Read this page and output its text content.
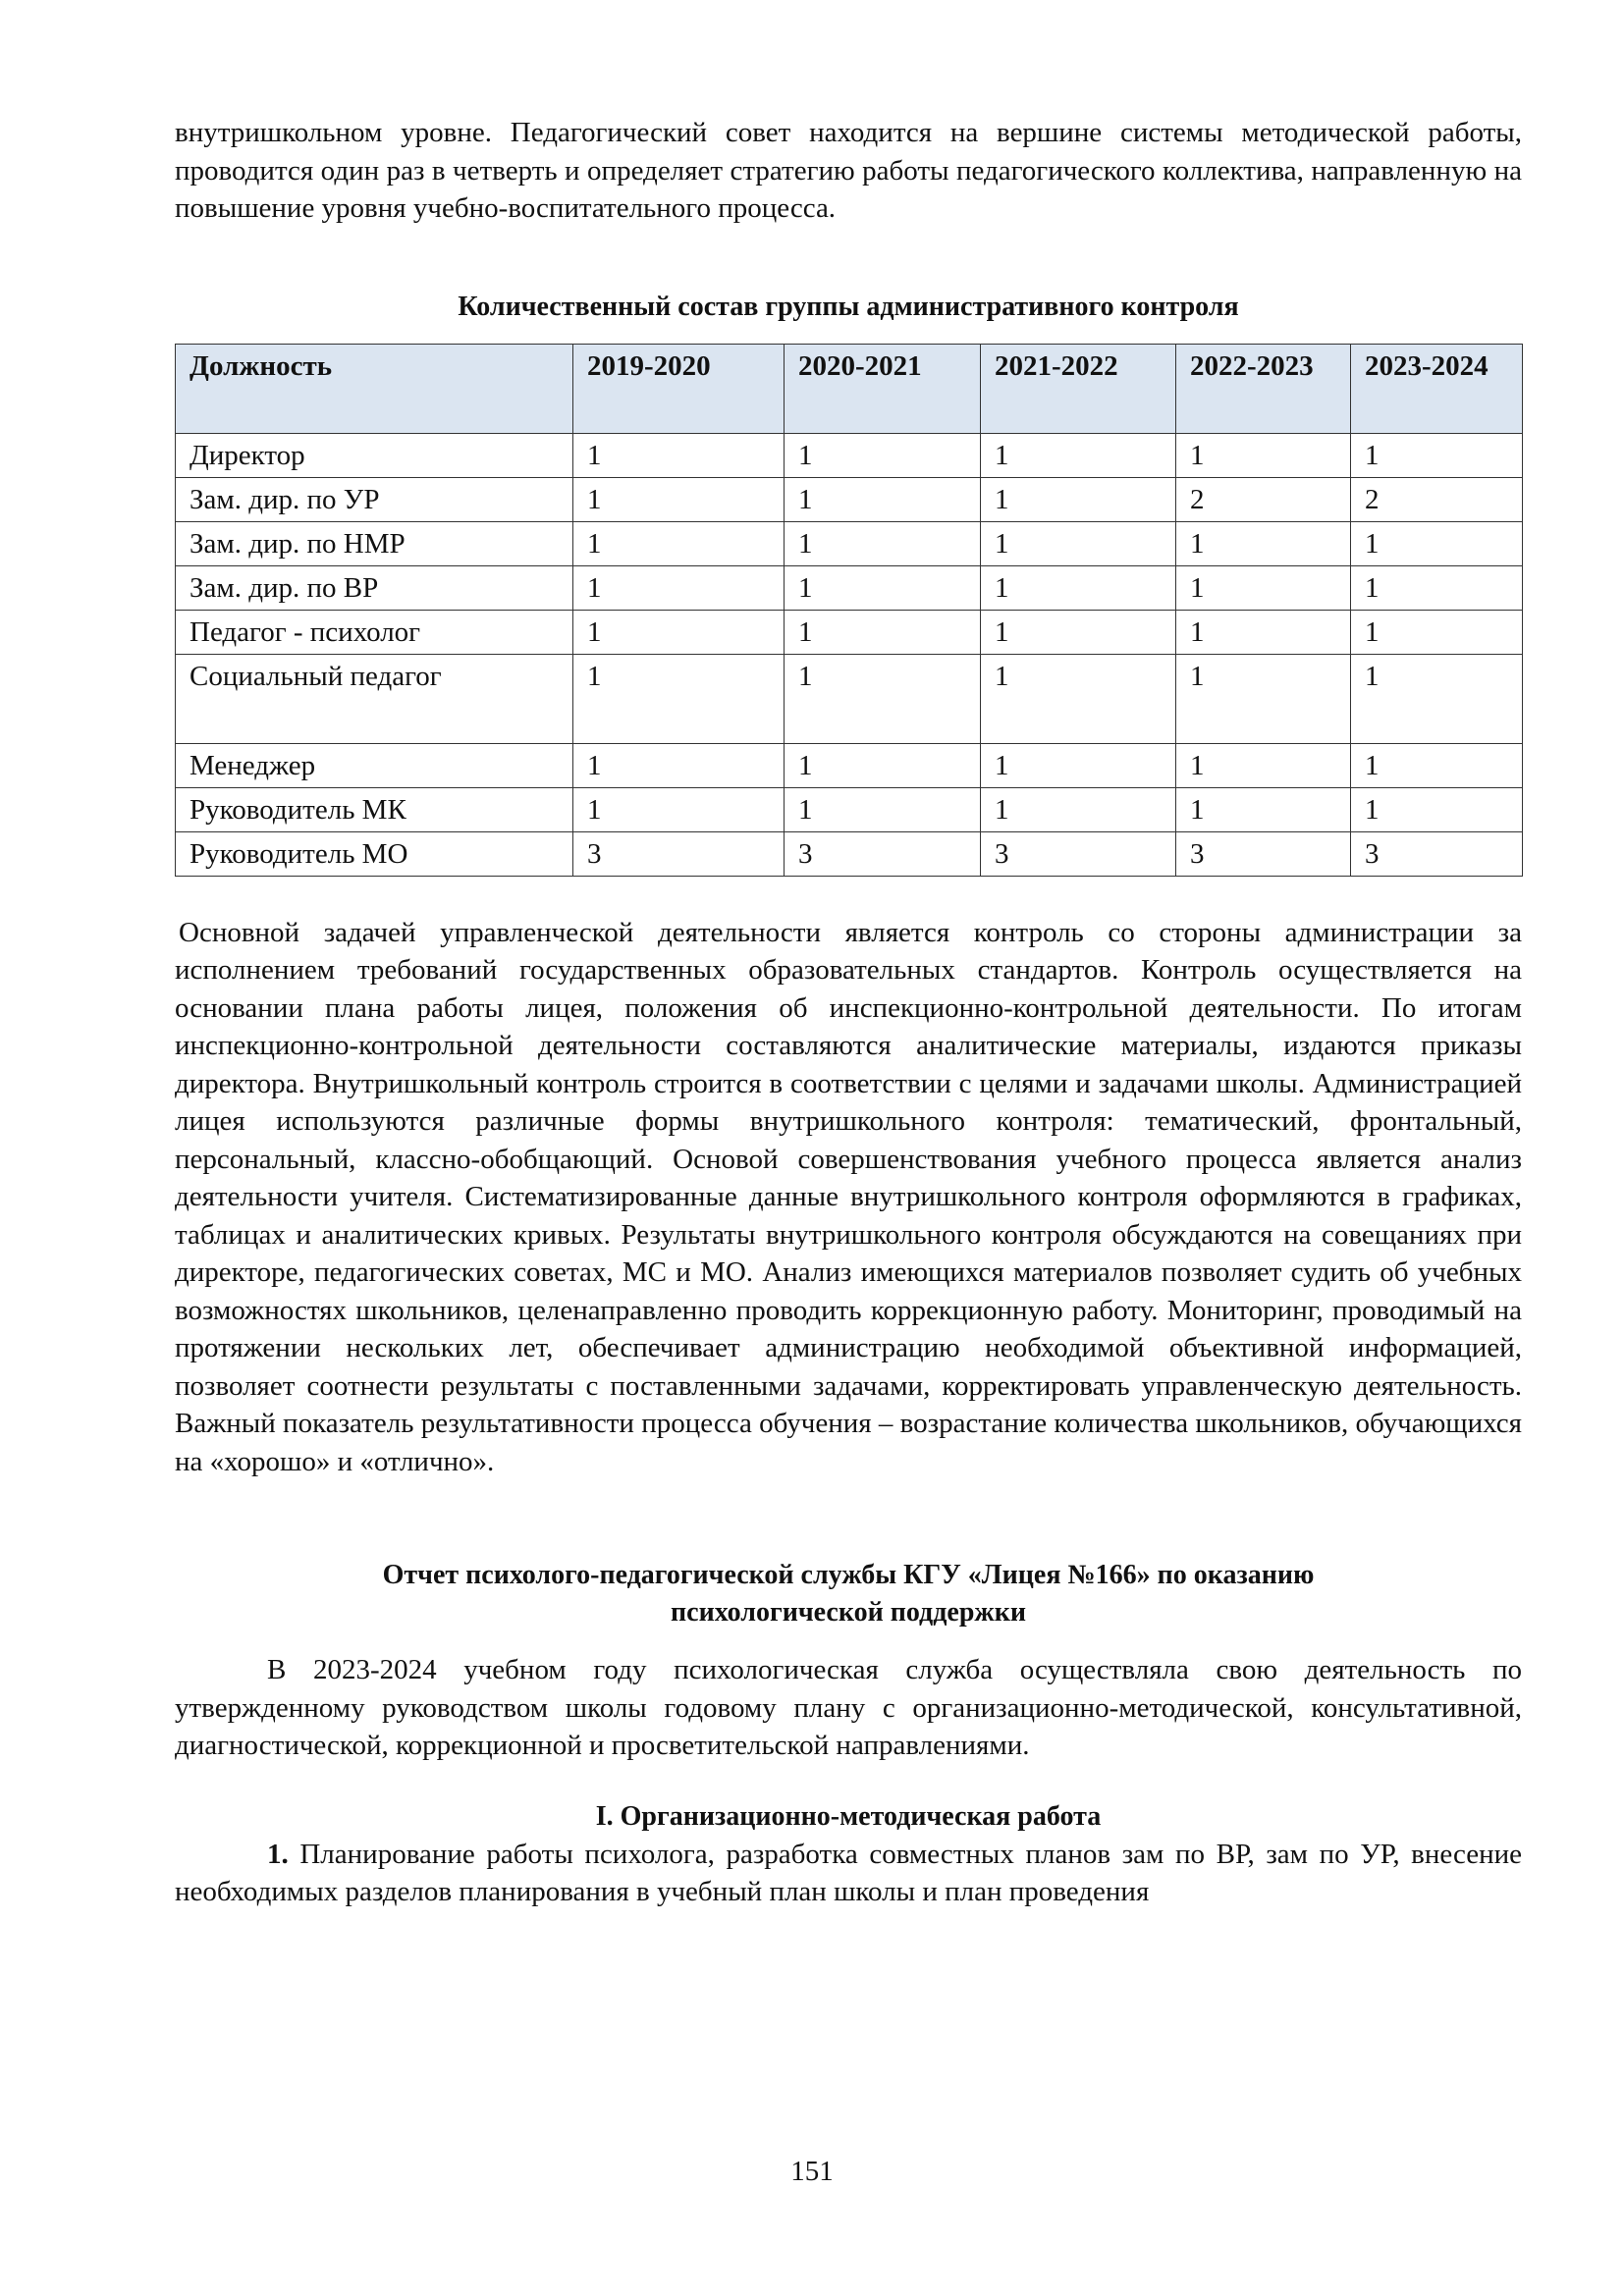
внутришкольном уровне. Педагогический совет находится на вершине системы методической работы, проводится один раз в четверть и определяет стратегию работы педагогического коллектива, направленную на повышение уровня учебно-воспитательного процесса.

Количественный состав группы административного контроля

Должность	2019-2020	2020-2021	2021-2022	2022-2023	2023-2024
Директор	1	1	1	1	1
Зам. дир. по УР	1	1	1	2	2
Зам. дир. по НМР	1	1	1	1	1
Зам. дир. по ВР	1	1	1	1	1
Педагог - психолог	1	1	1	1	1
Социальный педагог	1	1	1	1	1
Менеджер	1	1	1	1	1
Руководитель МК	1	1	1	1	1
Руководитель МО	3	3	3	3	3

Основной задачей управленческой деятельности является контроль со стороны администрации за исполнением требований государственных образовательных стандартов. Контроль осуществляется на основании плана работы лицея, положения об инспекционно-контрольной деятельности. По итогам инспекционно-контрольной деятельности составляются аналитические материалы, издаются приказы директора. Внутришкольный контроль строится в соответствии с целями и задачами школы. Администрацией лицея используются различные формы внутришкольного контроля: тематический, фронтальный, персональный, классно-обобщающий. Основой совершенствования учебного процесса является анализ деятельности учителя. Систематизированные данные внутришкольного контроля оформляются в графиках, таблицах и аналитических кривых. Результаты внутришкольного контроля обсуждаются на совещаниях при директоре, педагогических советах, МС и МО. Анализ имеющихся материалов позволяет судить об учебных возможностях школьников, целенаправленно проводить коррекционную работу. Мониторинг, проводимый на протяжении нескольких лет, обеспечивает администрацию необходимой объективной информацией, позволяет соотнести результаты с поставленными задачами, корректировать управленческую деятельность. Важный показатель результативности процесса обучения – возрастание количества школьников, обучающихся на «хорошо» и «отлично».

Отчет психолого-педагогической службы КГУ «Лицея №166» по оказанию

психологической поддержки

В 2023-2024 учебном году психологическая служба осуществляла свою деятельность по утвержденному руководством школы годовому плану с организационно-методической, консультативной, диагностической, коррекционной и просветительской направлениями.

I. Организационно-методическая работа

1. Планирование работы психолога, разработка совместных планов зам по ВР, зам по УР, внесение необходимых разделов планирования в учебный план школы и план проведения

151
